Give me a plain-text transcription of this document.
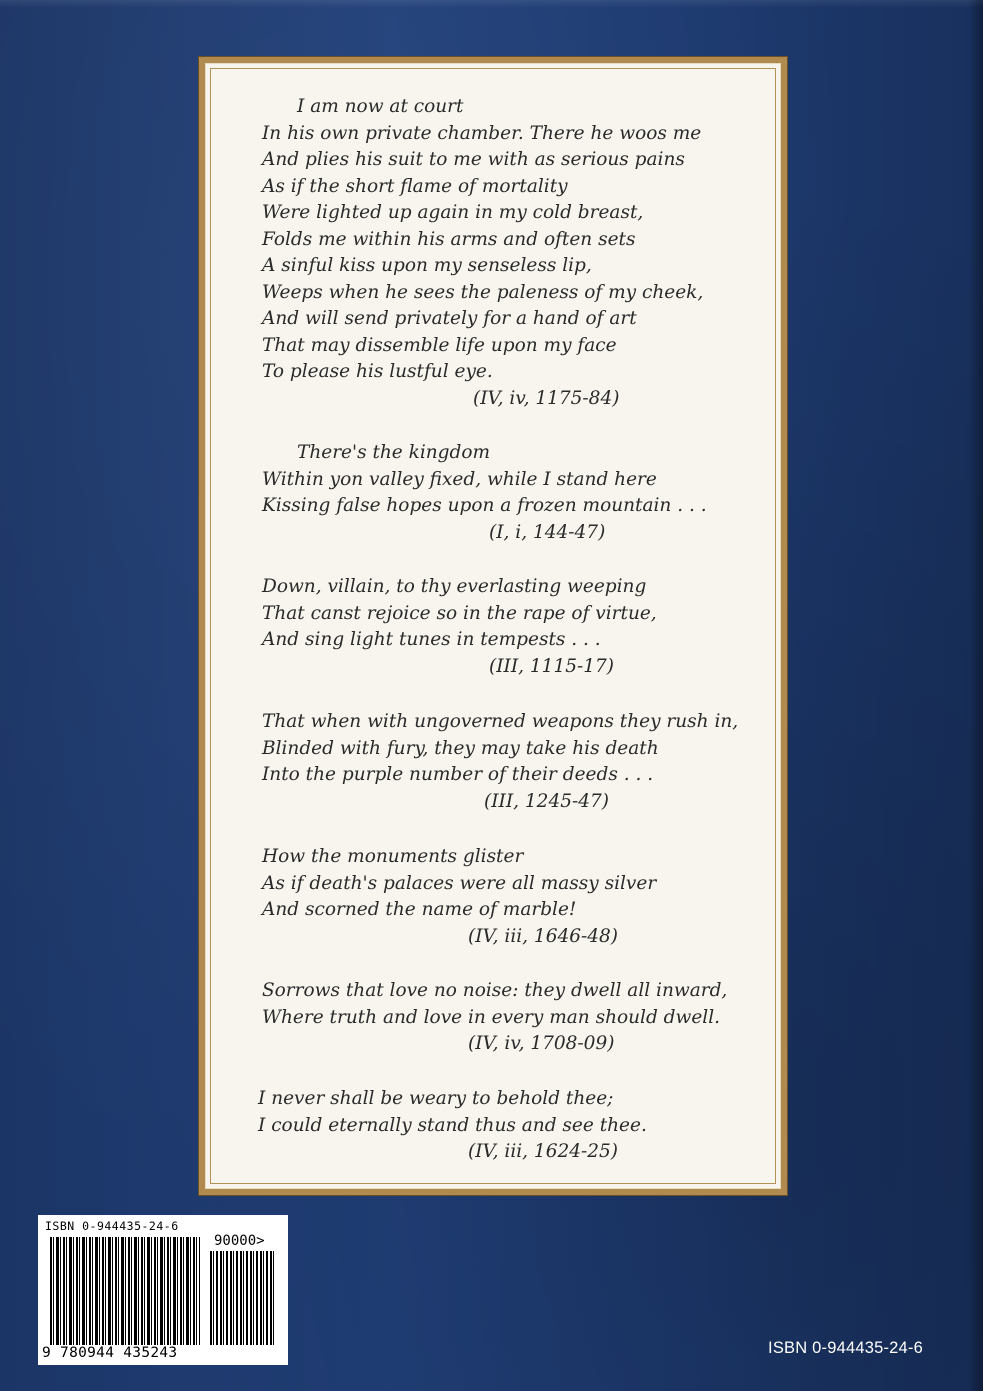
I am now at court
In his own private chamber. There he woos me
And plies his suit to me with as serious pains
As if the short flame of mortality
Were lighted up again in my cold breast,
Folds me within his arms and often sets
A sinful kiss upon my senseless lip,
Weeps when he sees the paleness of my cheek,
And will send privately for a hand of art
That may dissemble life upon my face
To please his lustful eye.
(IV, iv, 1175-84)
There's the kingdom
Within yon valley fixed, while I stand here
Kissing false hopes upon a frozen mountain . . .
(I, i, 144-47)
Down, villain, to thy everlasting weeping
That canst rejoice so in the rape of virtue,
And sing light tunes in tempests . . .
(III, 1115-17)
That when with ungoverned weapons they rush in,
Blinded with fury, they may take his death
Into the purple number of their deeds . . .
(III, 1245-47)
How the monuments glister
As if death's palaces were all massy silver
And scorned the name of marble!
(IV, iii, 1646-48)
Sorrows that love no noise: they dwell all inward,
Where truth and love in every man should dwell.
(IV, iv, 1708-09)
I never shall be weary to behold thee;
I could eternally stand thus and see thee.
(IV, iii, 1624-25)
ISBN 0-944435-24-6
90000>
9 780944 435243	ISBN 0-944435-24-6
